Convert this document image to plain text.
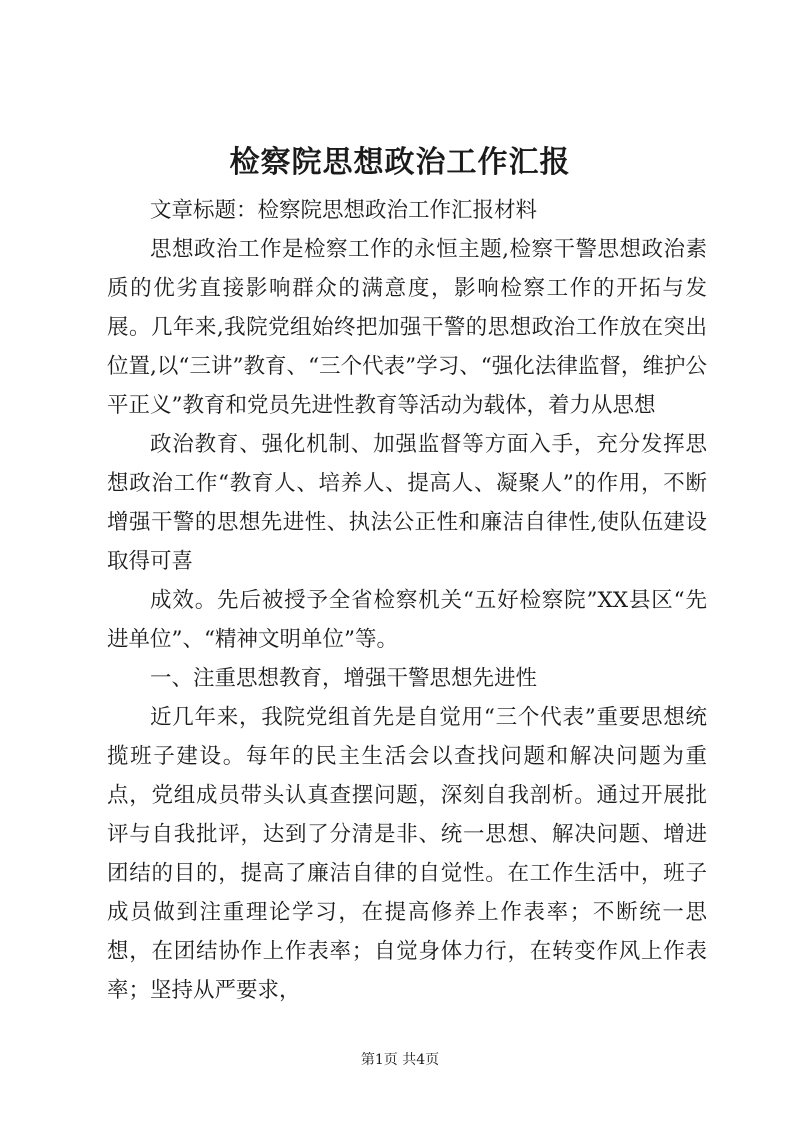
检察院思想政治工作汇报

文章标题：检察院思想政治工作汇报材料

思想政治工作是检察工作的永恒主题,检察干警思想政治素质的优劣直接影响群众的满意度，影响检察工作的开拓与发展。几年来,我院党组始终把加强干警的思想政治工作放在突出位置,以“三讲”教育、“三个代表”学习、“强化法律监督，维护公平正义”教育和党员先进性教育等活动为载体，着力从思想

政治教育、强化机制、加强监督等方面入手，充分发挥思想政治工作“教育人、培养人、提高人、凝聚人”的作用，不断增强干警的思想先进性、执法公正性和廉洁自律性,使队伍建设取得可喜

成效。先后被授予全省检察机关“五好检察院”XX县区“先进单位”、“精神文明单位”等。

一、注重思想教育，增强干警思想先进性

近几年来，我院党组首先是自觉用“三个代表”重要思想统揽班子建设。每年的民主生活会以查找问题和解决问题为重点，党组成员带头认真查摆问题，深刻自我剖析。通过开展批评与自我批评，达到了分清是非、统一思想、解决问题、增进团结的目的，提高了廉洁自律的自觉性。在工作生活中，班子成员做到注重理论学习，在提高修养上作表率；不断统一思想，在团结协作上作表率；自觉身体力行，在转变作风上作表率；坚持从严要求，

第1页 共4页
